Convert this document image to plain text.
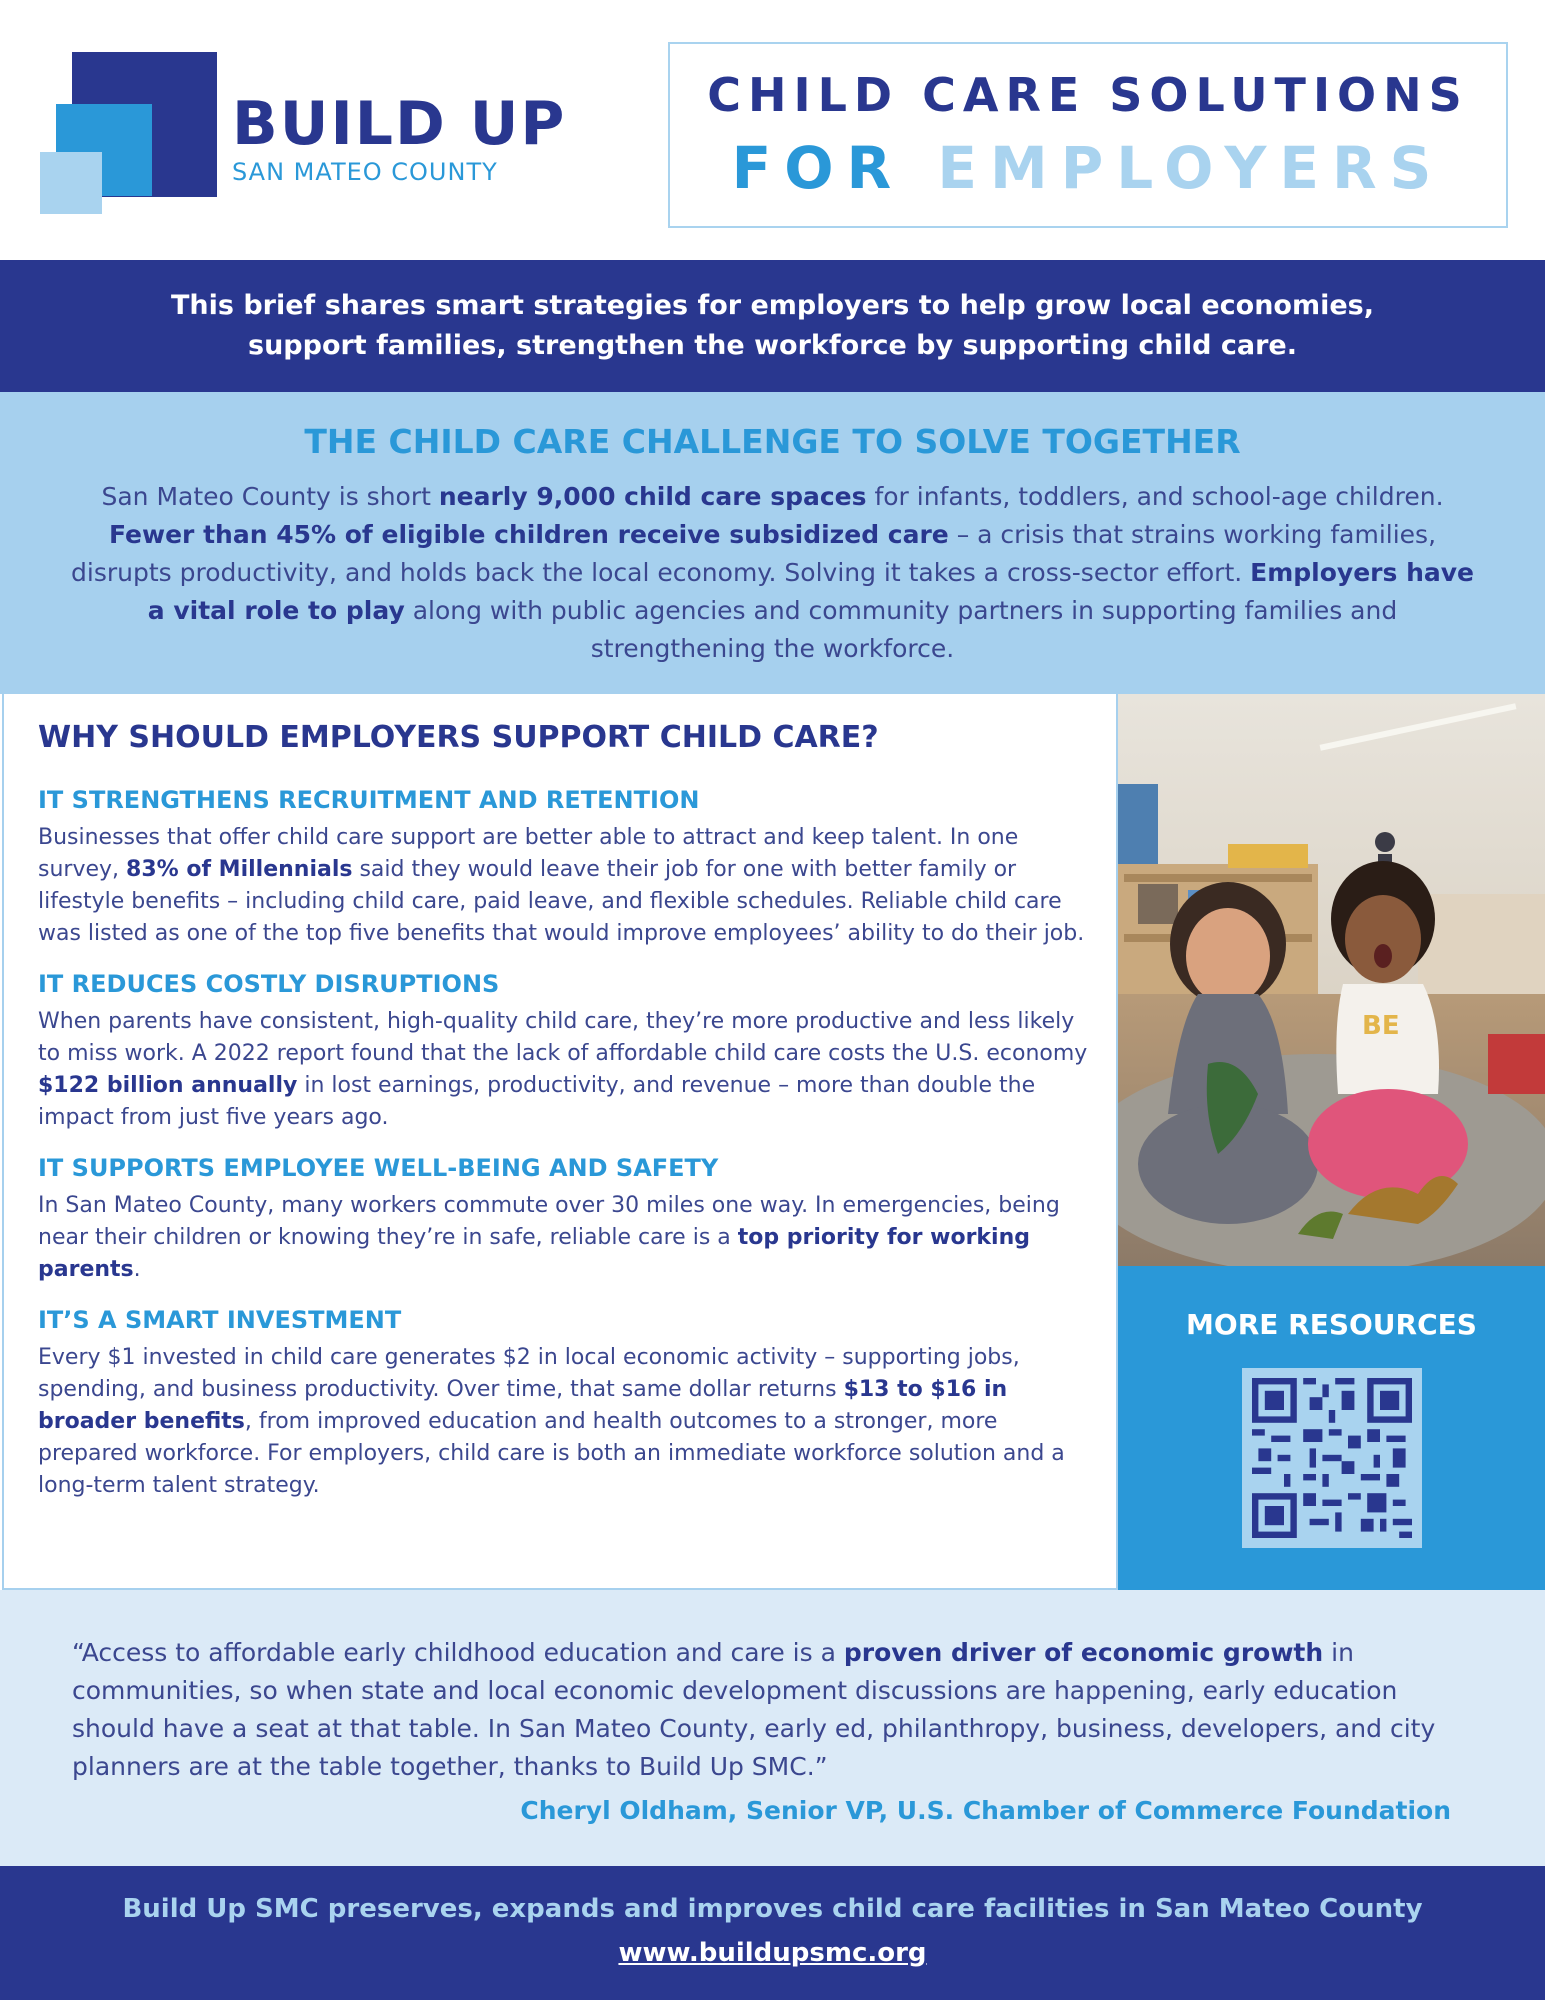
BUILD UP
SAN MATEO COUNTY
CHILD CARE SOLUTIONS
FOR EMPLOYERS

This brief shares smart strategies for employers to help grow local economies, support families, strengthen the workforce by supporting child care.

THE CHILD CARE CHALLENGE TO SOLVE TOGETHER
San Mateo County is short nearly 9,000 child care spaces for infants, toddlers, and school-age children. Fewer than 45% of eligible children receive subsidized care – a crisis that strains working families, disrupts productivity, and holds back the local economy. Solving it takes a cross-sector effort. Employers have a vital role to play along with public agencies and community partners in supporting families and strengthening the workforce.
WHY SHOULD EMPLOYERS SUPPORT CHILD CARE?
IT STRENGTHENS RECRUITMENT AND RETENTION

Businesses that offer child care support are better able to attract and keep talent. In one survey, 83% of Millennials said they would leave their job for one with better family or lifestyle benefits – including child care, paid leave, and flexible schedules. Reliable child care was listed as one of the top five benefits that would improve employees’ ability to do their job.

IT REDUCES COSTLY DISRUPTIONS

When parents have consistent, high-quality child care, they’re more productive and less likely to miss work. A 2022 report found that the lack of affordable child care costs the U.S. economy $122 billion annually in lost earnings, productivity, and revenue – more than double the impact from just five years ago.

IT SUPPORTS EMPLOYEE WELL-BEING AND SAFETY

In San Mateo County, many workers commute over 30 miles one way. In emergencies, being near their children or knowing they’re in safe, reliable care is a top priority for working parents.

IT’S A SMART INVESTMENT

Every $1 invested in child care generates $2 in local economic activity – supporting jobs, spending, and business productivity. Over time, that same dollar returns $13 to $16 in broader benefits, from improved education and health outcomes to a stronger, more prepared workforce. For employers, child care is both an immediate workforce solution and a long-term talent strategy.

BE
MORE RESOURCES
“Access to affordable early childhood education and care is a proven driver of economic growth in communities, so when state and local economic development discussions are happening, early education should have a seat at that table. In San Mateo County, early ed, philanthropy, business, developers, and city planners are at the table together, thanks to Build Up SMC.”
Cheryl Oldham, Senior VP, U.S. Chamber of Commerce Foundation
Build Up SMC preserves, expands and improves child care facilities in San Mateo County
www.buildupsmc.org
